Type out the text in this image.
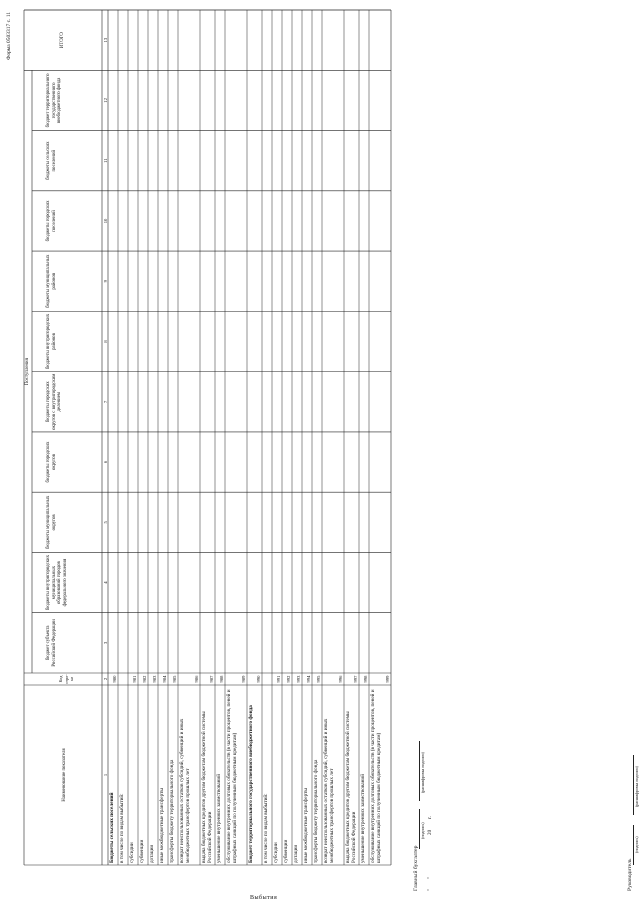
Форма 0503317 с. 11
Наименование показателя
Код стро-ки
Поступления
бюджет субъекта Российской Федерации
бюджеты внутригородских муниципальных образований городов федерального значения
бюджеты муниципальных округов
бюджеты городских округов
бюджеты городских округов с внутригородским делением
бюджеты внутригородских районов
бюджеты муниципальных районов
бюджеты городских поселений
бюджеты сельских поселений
бюджет территориального государственного внебюджетного фонда
ИТОГО
1
2
3
4
5
6
7
8
9
10
11
12
13
Бюджеты сельских поселений
980
в том числе по видам выбытий: субсидии
981
субвенции
982
дотации
983
иные межбюджетные трансферты
984
трансферты бюджету территориального фонда
985
возврат неиспользованных остатков субсидий, субвенций и иных межбюджетных трансфертов прошлых лет
986
выдача бюджетных кредитов другим бюджетам бюджетной системы Российской Федерации
987
уменьшение внутренних заимствований
988
обслуживание внутренних долговых обязательств (в части процентов, пеней и штрафных санкций по полученным бюджетным кредитам)
989
Бюджет территориального государственного внебюджетного фонда
990
в том числе по видам выбытий: субсидии
991
субвенции
992
дотации
993
иные межбюджетные трансферты
994
трансферты бюджету территориального фонда
995
возврат неиспользованных остатков субсидий, субвенций и иных межбюджетных трансфертов прошлых лет
996
выдача бюджетных кредитов другим бюджетам бюджетной системы Российской Федерации
997
уменьшение внутренних заимствований
998
обслуживание внутренних долговых обязательств (в части процентов, пеней и штрафных санкций по полученным бюджетным кредитам)
999
Выбытия
Главный бухгалтер
(подпись)
(расшифровка подписи)
"
"
20
г.
Руководитель
(подпись)
(расшифровка подписи)
